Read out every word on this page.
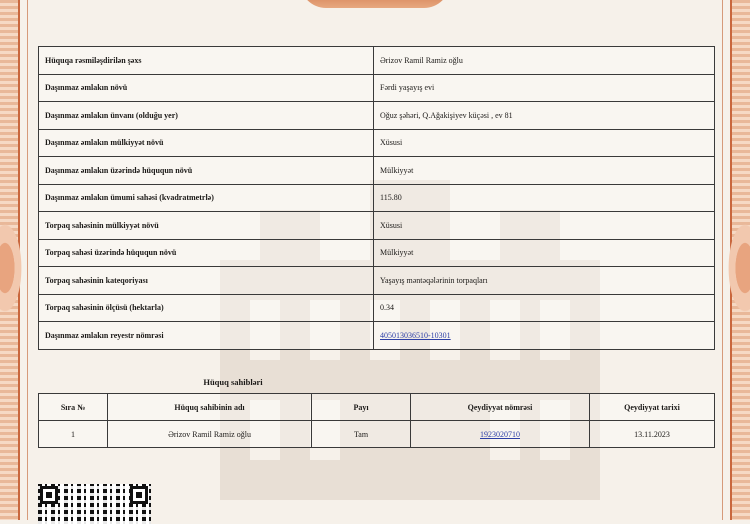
Hüquqa rəsmiləşdirilən şəxs	Ərizov Ramil Ramiz oğlu
Daşınmaz əmlakın növü	Fərdi yaşayış evi
Daşınmaz əmlakın ünvanı (olduğu yer)	Oğuz şəhəri, Q.Ağakişiyev küçəsi , ev 81
Daşınmaz əmlakın mülkiyyət növü	Xüsusi
Daşınmaz əmlakın üzərində hüququn növü	Mülkiyyət
Daşınmaz əmlakın ümumi sahəsi (kvadratmetrlə)	115.80
Torpaq sahəsinin mülkiyyət növü	Xüsusi
Torpaq sahəsi üzərində hüququn növü	Mülkiyyət
Torpaq sahəsinin kateqoriyası	Yaşayış məntəqələrinin torpaqları
Torpaq sahəsinin ölçüsü (hektarla)	0.34
Daşınmaz əmlakın reyestr nömrəsi	405013036510-10301
Hüquq sahibləri
Sıra №	Hüquq sahibinin adı	Payı	Qeydiyyat nömrəsi	Qeydiyyat tarixi
1	Ərizov Ramil Ramiz oğlu	Tam	1923020710	13.11.2023
